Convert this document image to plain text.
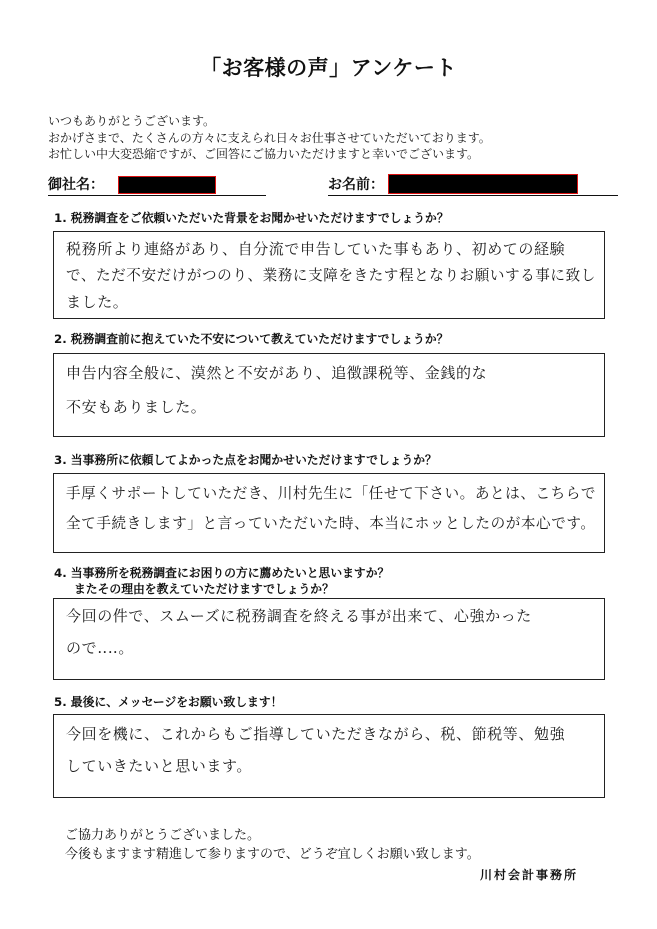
「お客様の声」アンケート
いつもありがとうございます。
おかげさまで、たくさんの方々に支えられ日々お仕事させていただいております。
お忙しい中大変恐縮ですが、ご回答にご協力いただけますと幸いでございます。
御社名：	お名前：
1. 税務調査をご依頼いただいた背景をお聞かせいただけますでしょうか？
税務所より連絡があり、自分流で申告していた事もあり、初めての経験
で、ただ不安だけがつのり、業務に支障をきたす程となりお願いする事に致し
ました。
2. 税務調査前に抱えていた不安について教えていただけますでしょうか？
申告内容全般に、漠然と不安があり、追徴課税等、金銭的な
不安もありました。
3. 当事務所に依頼してよかった点をお聞かせいただけますでしょうか？
手厚くサポートしていただき、川村先生に「任せて下さい。あとは、こちらで
全て手続きします」と言っていただいた時、本当にホッとしたのが本心です。
4. 当事務所を税務調査にお困りの方に薦めたいと思いますか？
またその理由を教えていただけますでしょうか？
今回の件で、スムーズに税務調査を終える事が出来て、心強かった
ので‥‥。
5. 最後に、メッセージをお願い致します！
今回を機に、これからもご指導していただきながら、税、節税等、勉強
していきたいと思います。
ご協力ありがとうございました。
今後もますます精進して参りますので、どうぞ宜しくお願い致します。
川村会計事務所
